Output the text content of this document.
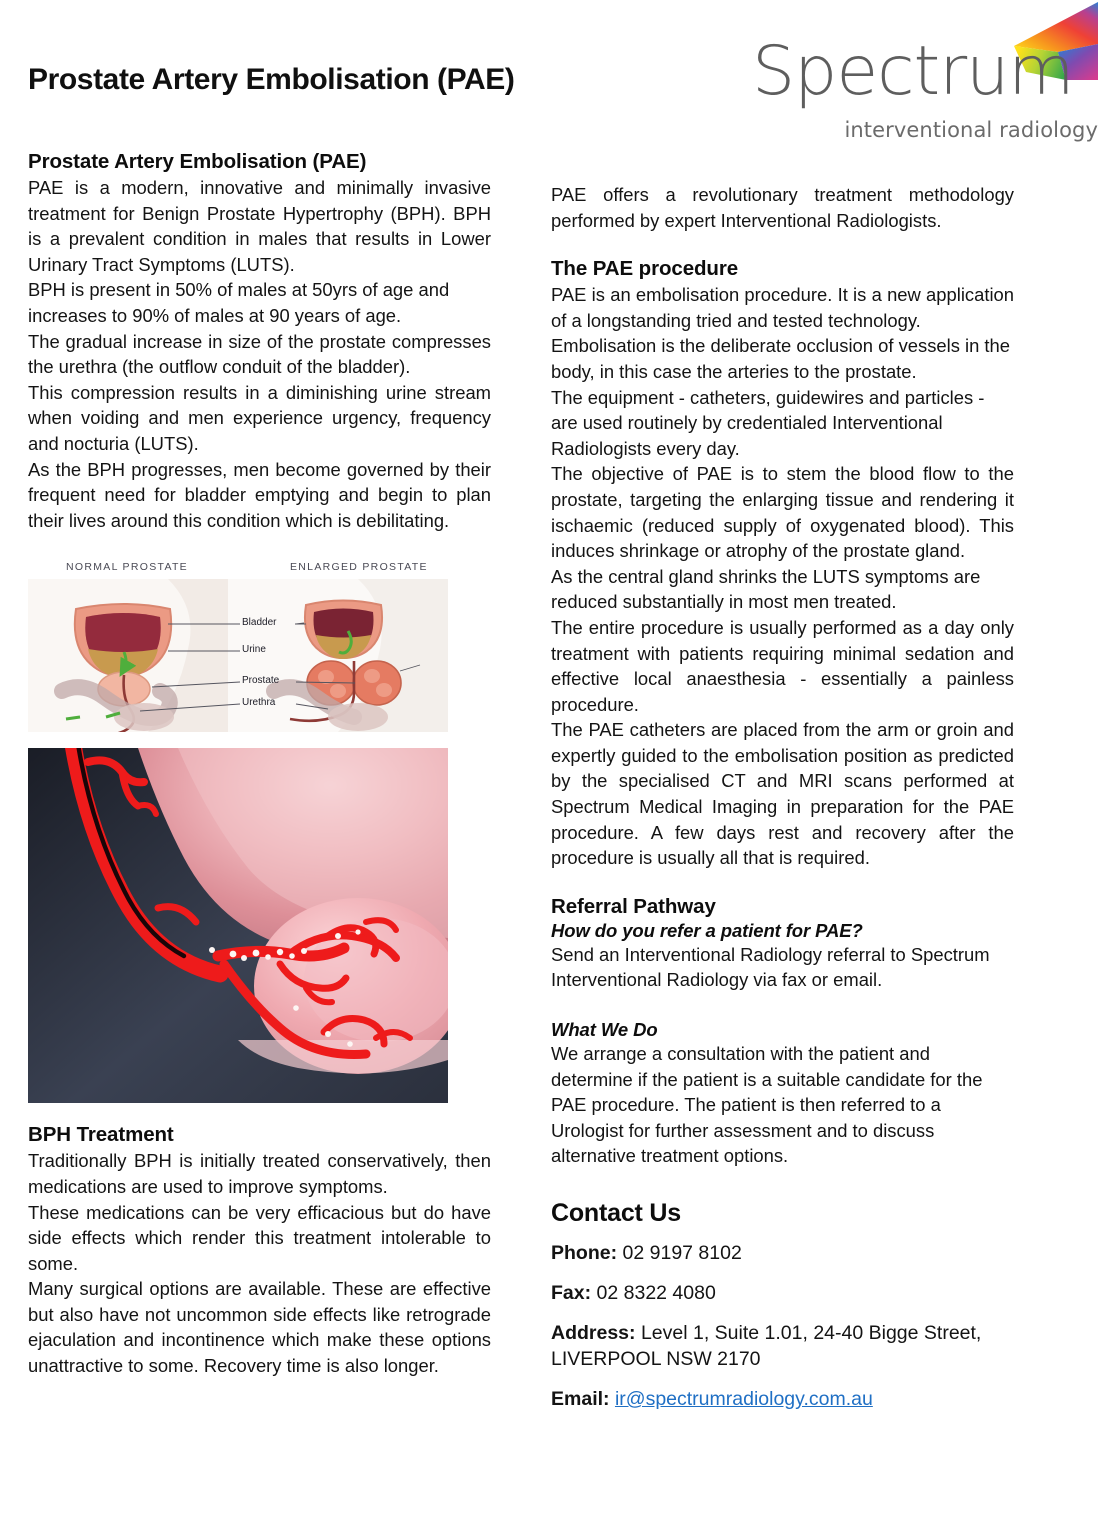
Prostate Artery Embolisation (PAE)	Spectrum
interventional radiology
Prostate Artery Embolisation (PAE)

PAE is a modern, innovative and minimally invasive treatment for Benign Prostate Hypertrophy (BPH). BPH is a prevalent condition in males that results in Lower Urinary Tract Symptoms (LUTS).

BPH is present in 50% of males at 50yrs of age and increases to 90% of males at 90 years of age.

The gradual increase in size of the prostate compresses the urethra (the outflow conduit of the bladder).

This compression results in a diminishing urine stream when voiding and men experience urgency, frequency and nocturia (LUTS).

As the BPH progresses, men become governed by their frequent need for bladder emptying and begin to plan their lives around this condition which is debilitating.

NORMAL PROSTATE	ENLARGED PROSTATE
Bladder
Urine
Prostate
Urethra
BPH Treatment

Traditionally BPH is initially treated conservatively, then medications are used to improve symptoms.

These medications can be very efficacious but do have side effects which render this treatment intolerable to some.

Many surgical options are available. These are effective but also have not uncommon side effects like retrograde ejaculation and incontinence which make these options unattractive to some. Recovery time is also longer.

PAE offers a revolutionary treatment methodology performed by expert Interventional Radiologists.

The PAE procedure

PAE is an embolisation procedure. It is a new application of a longstanding tried and tested technology.

Embolisation is the deliberate occlusion of vessels in the body, in this case the arteries to the prostate.

The equipment - catheters, guidewires and particles - are used routinely by credentialed Interventional Radiologists every day.

The objective of PAE is to stem the blood flow to the prostate, targeting the enlarging tissue and rendering it ischaemic (reduced supply of oxygenated blood). This induces shrinkage or atrophy of the prostate gland.

As the central gland shrinks the LUTS symptoms are reduced substantially in most men treated.

The entire procedure is usually performed as a day only treatment with patients requiring minimal sedation and effective local anaesthesia - essentially a painless procedure.

The PAE catheters are placed from the arm or groin and expertly guided to the embolisation position as predicted by the specialised CT and MRI scans performed at Spectrum Medical Imaging in preparation for the PAE procedure. A few days rest and recovery after the procedure is usually all that is required.

Referral Pathway
How do you refer a patient for PAE?

Send an Interventional Radiology referral to Spectrum Interventional Radiology via fax or email.

What We Do

We arrange a consultation with the patient and determine if the patient is a suitable candidate for the PAE procedure. The patient is then referred to a Urologist for further assessment and to discuss alternative treatment options.

Contact Us
Phone: 02 9197 8102
Fax: 02 8322 4080
Address: Level 1, Suite 1.01, 24-40 Bigge Street, LIVERPOOL NSW 2170
Email: ir@spectrumradiology.com.au
